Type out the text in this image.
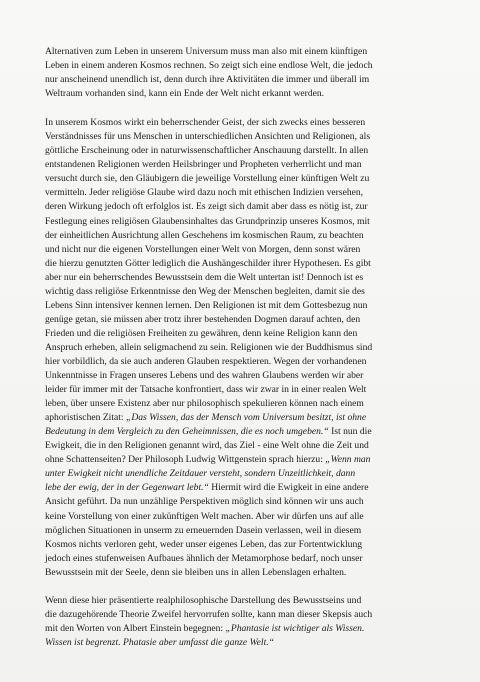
Alternativen zum Leben in unserem Universum muss man also mit einem künftigen
Leben in einem anderen Kosmos rechnen. So zeigt sich eine endlose Welt, die jedoch
nur anscheinend unendlich ist, denn durch ihre Aktivitäten die immer und überall im
Weltraum vorhanden sind, kann ein Ende der Welt nicht erkannt werden.

In unserem Kosmos wirkt ein beherrschender Geist, der sich zwecks eines besseren
Verständnisses für uns Menschen in unterschiedlichen Ansichten und Religionen, als
göttliche Erscheinung oder in naturwissenschaftlicher Anschauung darstellt. In allen
entstandenen Religionen werden Heilsbringer und Propheten verherrlicht und man
versucht durch sie, den Gläubigern die jeweilige Vorstellung einer künftigen Welt zu
vermitteln. Jeder religiöse Glaube wird dazu noch mit ethischen Indizien versehen,
deren Wirkung jedoch oft erfolglos ist. Es zeigt sich damit aber dass es nötig ist, zur
Festlegung eines religiösen Glaubensinhaltes das Grundprinzip unseres Kosmos, mit
der einheitlichen Ausrichtung allen Geschehens im kosmischen Raum, zu beachten
und nicht nur die eigenen Vorstellungen einer Welt von Morgen, denn sonst wären
die hierzu genutzten Götter lediglich die Aushängeschilder ihrer Hypothesen. Es gibt
aber nur ein beherrschendes Bewusstsein dem die Welt untertan ist! Dennoch ist es
wichtig dass religiöse Erkenntnisse den Weg der Menschen begleiten, damit sie des
Lebens Sinn intensiver kennen lernen. Den Religionen ist mit dem Gottesbezug nun
genüge getan, sie müssen aber trotz ihrer bestehenden Dogmen darauf achten, den
Frieden und die religiösen Freiheiten zu gewähren, denn keine Religion kann den
Anspruch erheben, allein seligmachend zu sein. Religionen wie der Buddhismus sind
hier vorbildlich, da sie auch anderen Glauben respektieren. Wegen der vorhandenen
Unkenntnisse in Fragen unseres Lebens und des wahren Glaubens werden wir aber
leider für immer mit der Tatsache konfrontiert, dass wir zwar in in einer realen Welt
leben, über unsere Existenz aber nur philosophisch spekulieren können nach einem
aphoristischen Zitat: „Das Wissen, das der Mensch vom Universum besitzt, ist ohne
Bedeutung in dem Vergleich zu den Geheimnissen, die es noch umgeben.“ Ist nun die
Ewigkeit, die in den Religionen genannt wird, das Ziel - eine Welt ohne die Zeit und
ohne Schattenseiten? Der Philosoph Ludwig Wittgenstein sprach hierzu: „Wenn man
unter Ewigkeit nicht unendliche Zeitdauer versteht, sondern Unzeitlichkeit, dann
lebe der ewig, der in der Gegenwart lebt.“ Hiermit wird die Ewigkeit in eine andere
Ansicht geführt. Da nun unzählige Perspektiven möglich sind können wir uns auch
keine Vorstellung von einer zukünftigen Welt machen. Aber wir dürfen uns auf alle
möglichen Situationen in unserm zu erneuernden Dasein verlassen, weil in diesem
Kosmos nichts verloren geht, weder unser eigenes Leben, das zur Fortentwicklung
jedoch eines stufenweisen Aufbaues ähnlich der Metamorphose bedarf, noch unser
Bewusstsein mit der Seele, denn sie bleiben uns in allen Lebenslagen erhalten.

Wenn diese hier präsentierte realphilosophische Darstellung des Bewusstseins und
die dazugehörende Theorie Zweifel hervorrufen sollte, kann man dieser Skepsis auch
mit den Worten von Albert Einstein begegnen: „Phantasie ist wichtiger als Wissen.
Wissen ist begrenzt. Phatasie aber umfasst die ganze Welt.“
